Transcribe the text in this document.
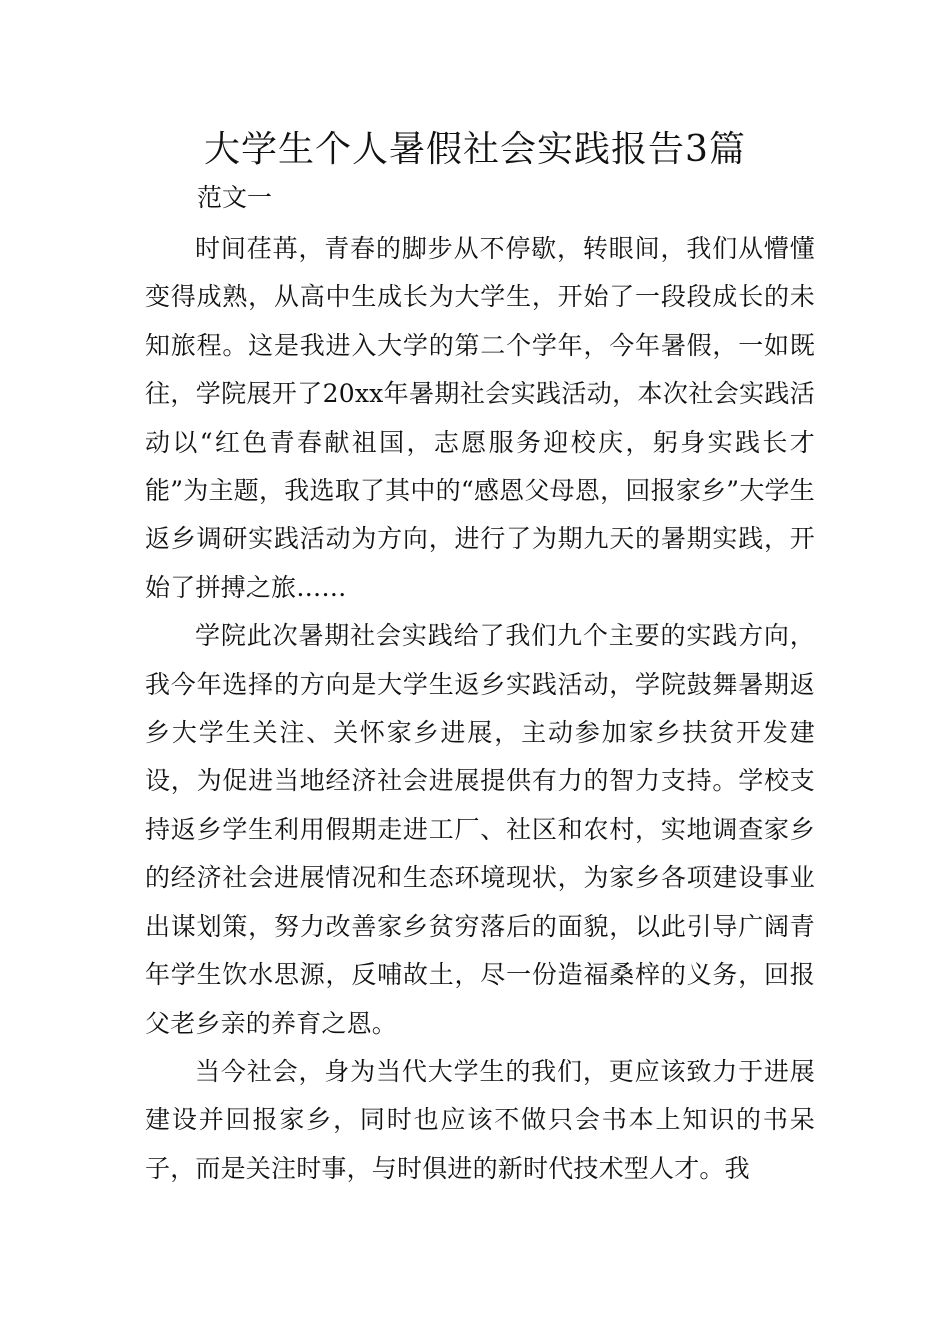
大学生个人暑假社会实践报告3篇

范文一

时间荏苒，青春的脚步从不停歇，转眼间，我们从懵懂变得成熟，从高中生成长为大学生，开始了一段段成长的未知旅程。这是我进入大学的第二个学年，今年暑假，一如既往，学院展开了20xx年暑期社会实践活动，本次社会实践活动以“红色青春献祖国，志愿服务迎校庆，躬身实践长才能”为主题，我选取了其中的“感恩父母恩，回报家乡”大学生返乡调研实践活动为方向，进行了为期九天的暑期实践，开始了拼搏之旅……

学院此次暑期社会实践给了我们九个主要的实践方向，我今年选择的方向是大学生返乡实践活动，学院鼓舞暑期返乡大学生关注、关怀家乡进展，主动参加家乡扶贫开发建设，为促进当地经济社会进展提供有力的智力支持。学校支持返乡学生利用假期走进工厂、社区和农村，实地调查家乡的经济社会进展情况和生态环境现状，为家乡各项建设事业出谋划策，努力改善家乡贫穷落后的面貌，以此引导广阔青年学生饮水思源，反哺故土，尽一份造福桑梓的义务，回报父老乡亲的养育之恩。

当今社会，身为当代大学生的我们，更应该致力于进展建设并回报家乡，同时也应该不做只会书本上知识的书呆子，而是关注时事，与时俱进的新时代技术型人才。我
